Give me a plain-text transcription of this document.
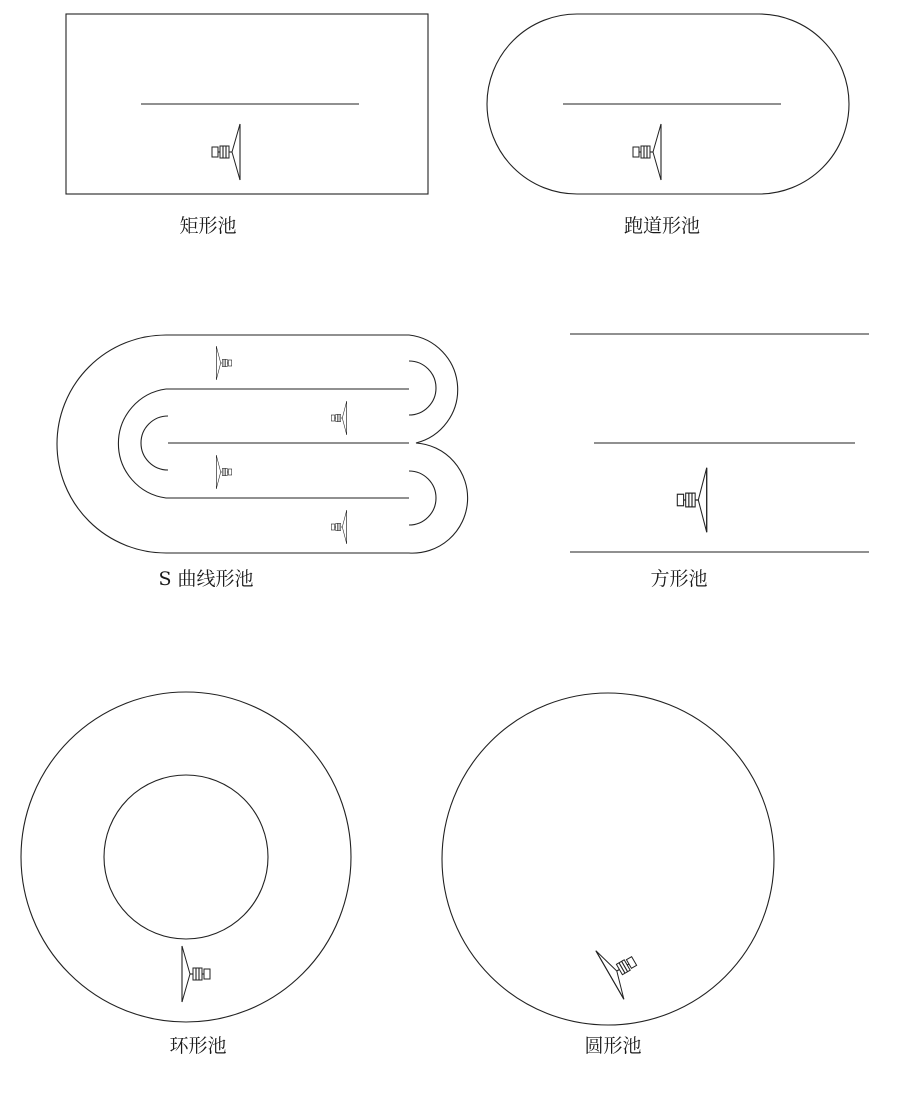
矩形池	跑道形池
S 曲线形池	方形池
环形池	圆形池
